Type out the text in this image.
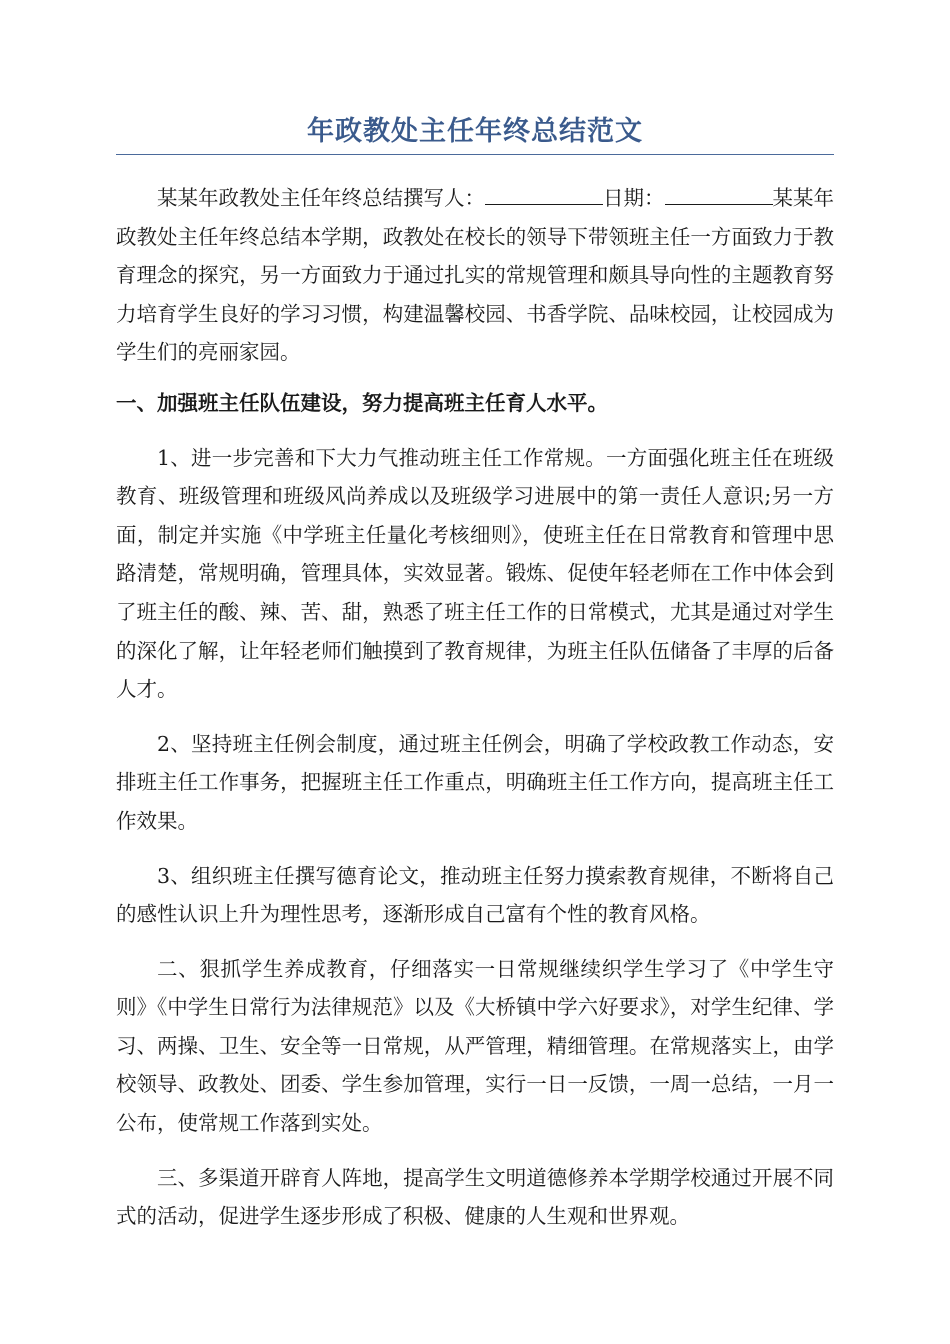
年政教处主任年终总结范文

某某年政教处主任年终总结撰写人：	日期：	某某年政教处主任年终总结本学期，政教处在校长的领导下带领班主任一方面致力于教育理念的探究，另一方面致力于通过扎实的常规管理和颇具导向性的主题教育努力培育学生良好的学习习惯，构建温馨校园、书香学院、品味校园，让校园成为学生们的亮丽家园。

一、加强班主任队伍建设，努力提高班主任育人水平。

1、进一步完善和下大力气推动班主任工作常规。一方面强化班主任在班级教育、班级管理和班级风尚养成以及班级学习进展中的第一责任人意识;另一方面，制定并实施《中学班主任量化考核细则》，使班主任在日常教育和管理中思路清楚，常规明确，管理具体，实效显著。锻炼、促使年轻老师在工作中体会到了班主任的酸、辣、苦、甜，熟悉了班主任工作的日常模式，尤其是通过对学生的深化了解，让年轻老师们触摸到了教育规律，为班主任队伍储备了丰厚的后备人才。

2、坚持班主任例会制度，通过班主任例会，明确了学校政教工作动态，安排班主任工作事务，把握班主任工作重点，明确班主任工作方向，提高班主任工作效果。

3、组织班主任撰写德育论文，推动班主任努力摸索教育规律，不断将自己的感性认识上升为理性思考，逐渐形成自己富有个性的教育风格。

二、狠抓学生养成教育，仔细落实一日常规继续织学生学习了《中学生守则》《中学生日常行为法律规范》以及《大桥镇中学六好要求》，对学生纪律、学习、两操、卫生、安全等一日常规，从严管理，精细管理。在常规落实上，由学校领导、政教处、团委、学生参加管理，实行一日一反馈，一周一总结，一月一公布，使常规工作落到实处。

三、多渠道开辟育人阵地，提高学生文明道德修养本学期学校通过开展不同式的活动，促进学生逐步形成了积极、健康的人生观和世界观。
